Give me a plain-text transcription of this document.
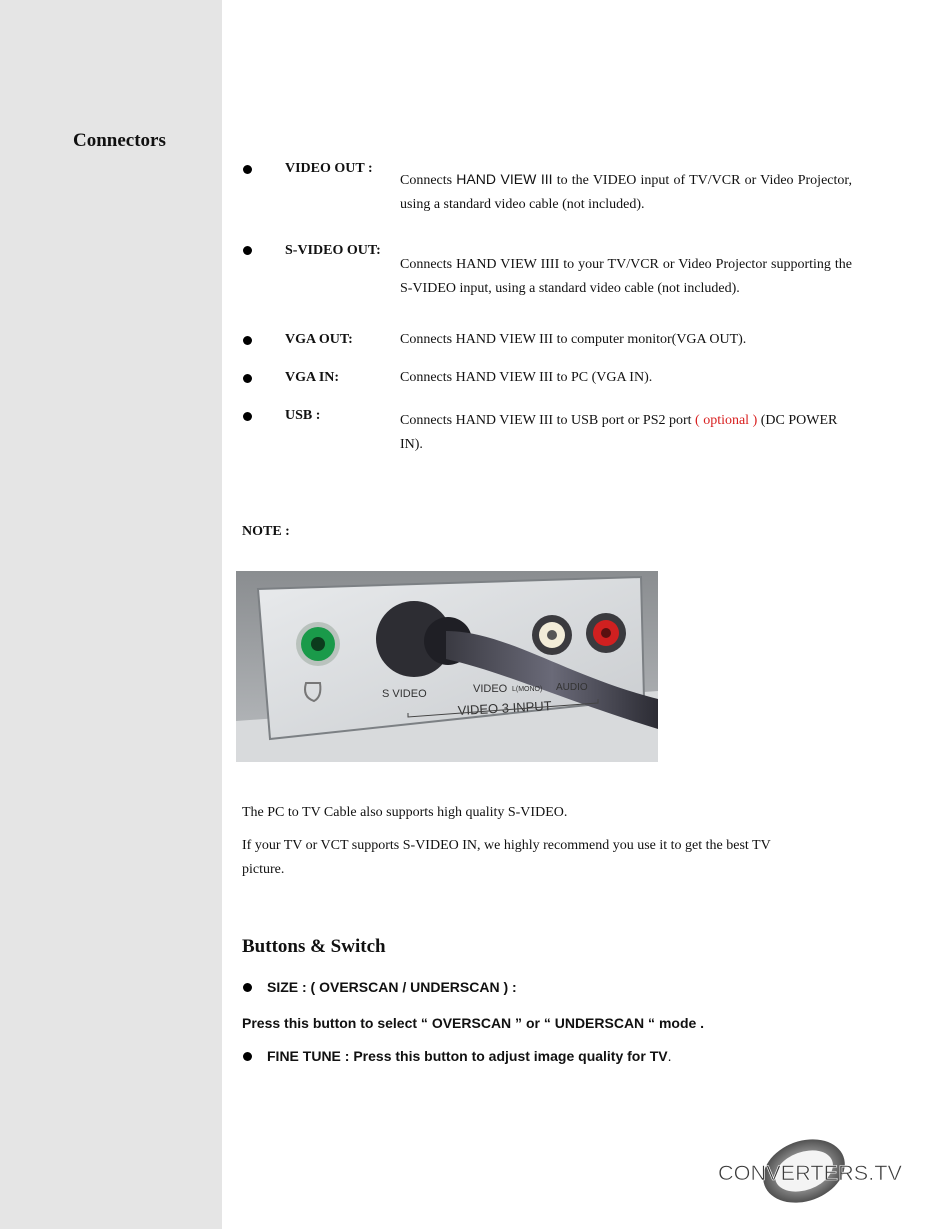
Connectors
VIDEO OUT :
Connects HAND VIEW III to the VIDEO input of TV/VCR or Video Projector, using a standard video cable (not included).
S-VIDEO OUT:
Connects HAND VIEW IIII to your TV/VCR or Video Projector supporting the S-VIDEO input, using a standard video cable (not included).
VGA OUT:	Connects HAND VIEW III to computer monitor(VGA OUT).
VGA IN:	Connects HAND VIEW III to PC (VGA IN).
USB :	Connects HAND VIEW III to USB port or PS2 port ( optional ) (DC POWER IN).
NOTE :
S VIDEO	VIDEO L(MONO) AUDIO
VIDEO 3 INPUT
The PC to TV Cable also supports high quality S-VIDEO.
If your TV or VCT supports S-VIDEO IN, we highly recommend you use it to get the best TV picture.
Buttons & Switch
SIZE : ( OVERSCAN / UNDERSCAN ) :
Press this button to select “ OVERSCAN ” or “ UNDERSCAN “ mode .
FINE TUNE : Press this button to adjust image quality for TV.
CONVERTERS.TV
